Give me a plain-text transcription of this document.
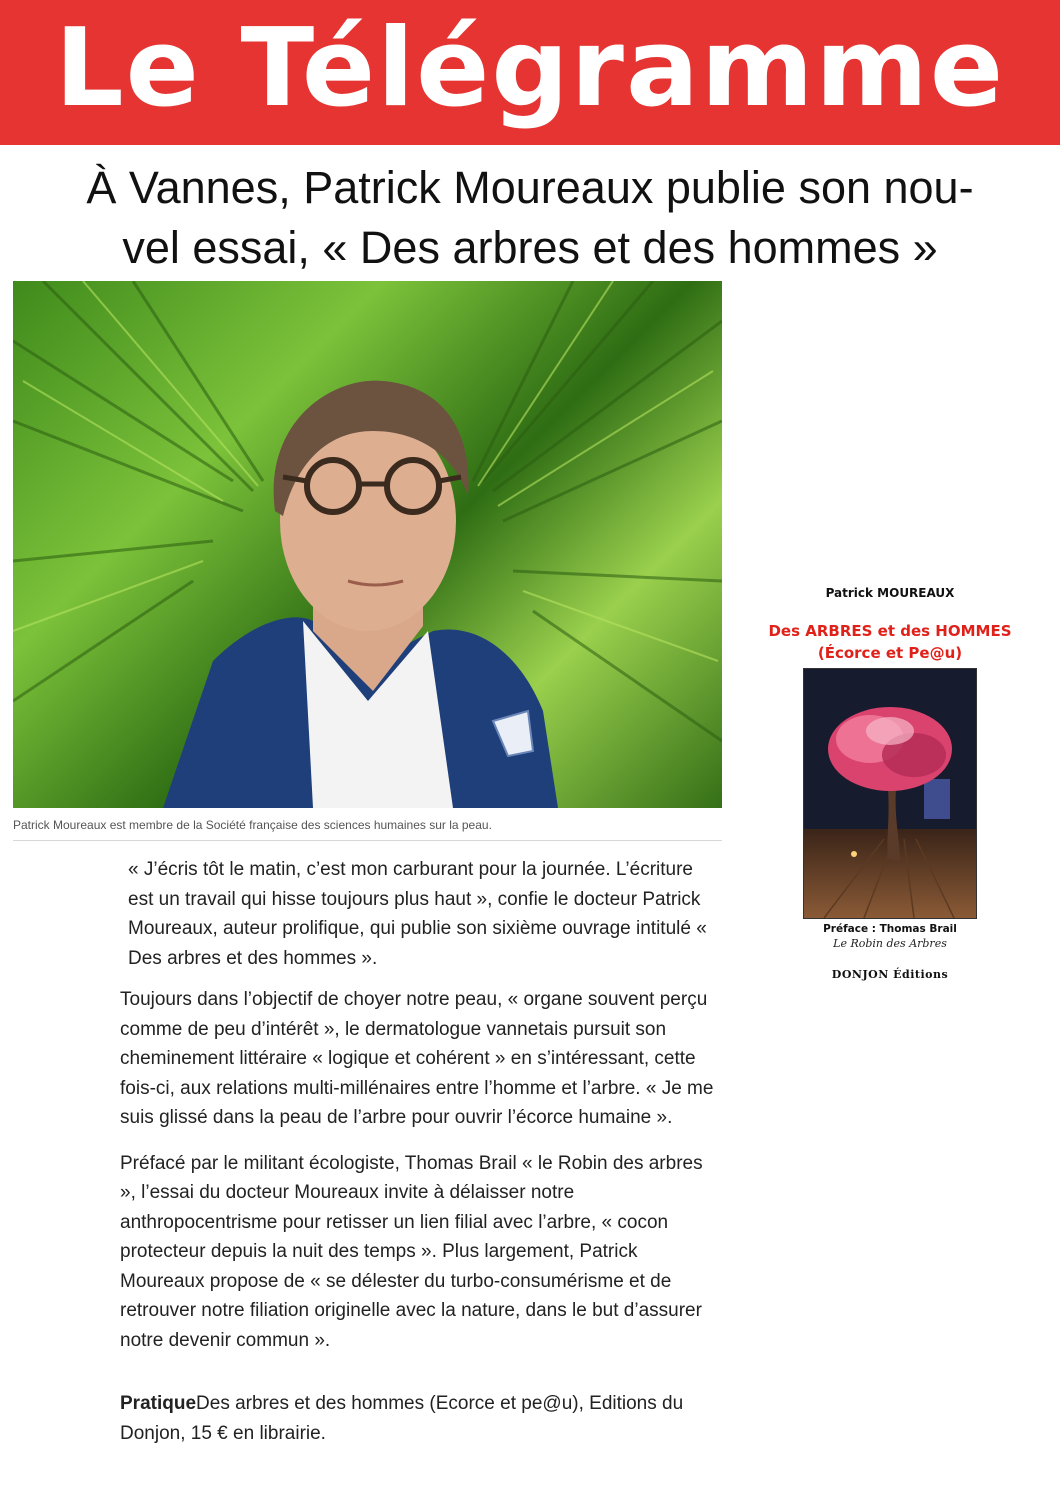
Le Télégramme
À Vannes, Patrick Moureaux publie son nou-
vel essai, « Des arbres et des hommes »
Patrick Moureaux est membre de la Société française des sciences humaines sur la peau.

« J’écris tôt le matin, c’est mon carburant pour la journée. L’écriture est un travail qui hisse toujours plus haut », confie le docteur Patrick Moureaux, auteur prolifique, qui publie son sixième ouvrage intitulé « Des arbres et des hommes ».

Toujours dans l’objectif de choyer notre peau, « organe souvent perçu comme de peu d’intérêt », le dermatologue vannetais pursuit son cheminement littéraire « logique et cohérent » en s’intéressant, cette fois-ci, aux relations multi-millénaires entre l’homme et l’arbre. « Je me suis glissé dans la peau de l’arbre pour ouvrir l’écorce humaine ».

Préfacé par le militant écologiste, Thomas Brail « le Robin des arbres », l’essai du docteur Moureaux invite à délaisser notre anthropocentrisme pour retisser un lien filial avec l’arbre, « cocon protecteur depuis la nuit des temps ». Plus largement, Patrick Moureaux propose de « se délester du turbo-consumérisme et de retrouver notre filiation originelle avec la nature, dans le but d’assurer notre devenir commun ».

PratiqueDes arbres et des hommes (Ecorce et pe@u), Editions du Donjon, 15 € en librairie.
Patrick MOUREAUX
Des ARBRES et des HOMMES
(Écorce et Pe@u)
Préface : Thomas Brail
Le Robin des Arbres
DONJON Éditions
